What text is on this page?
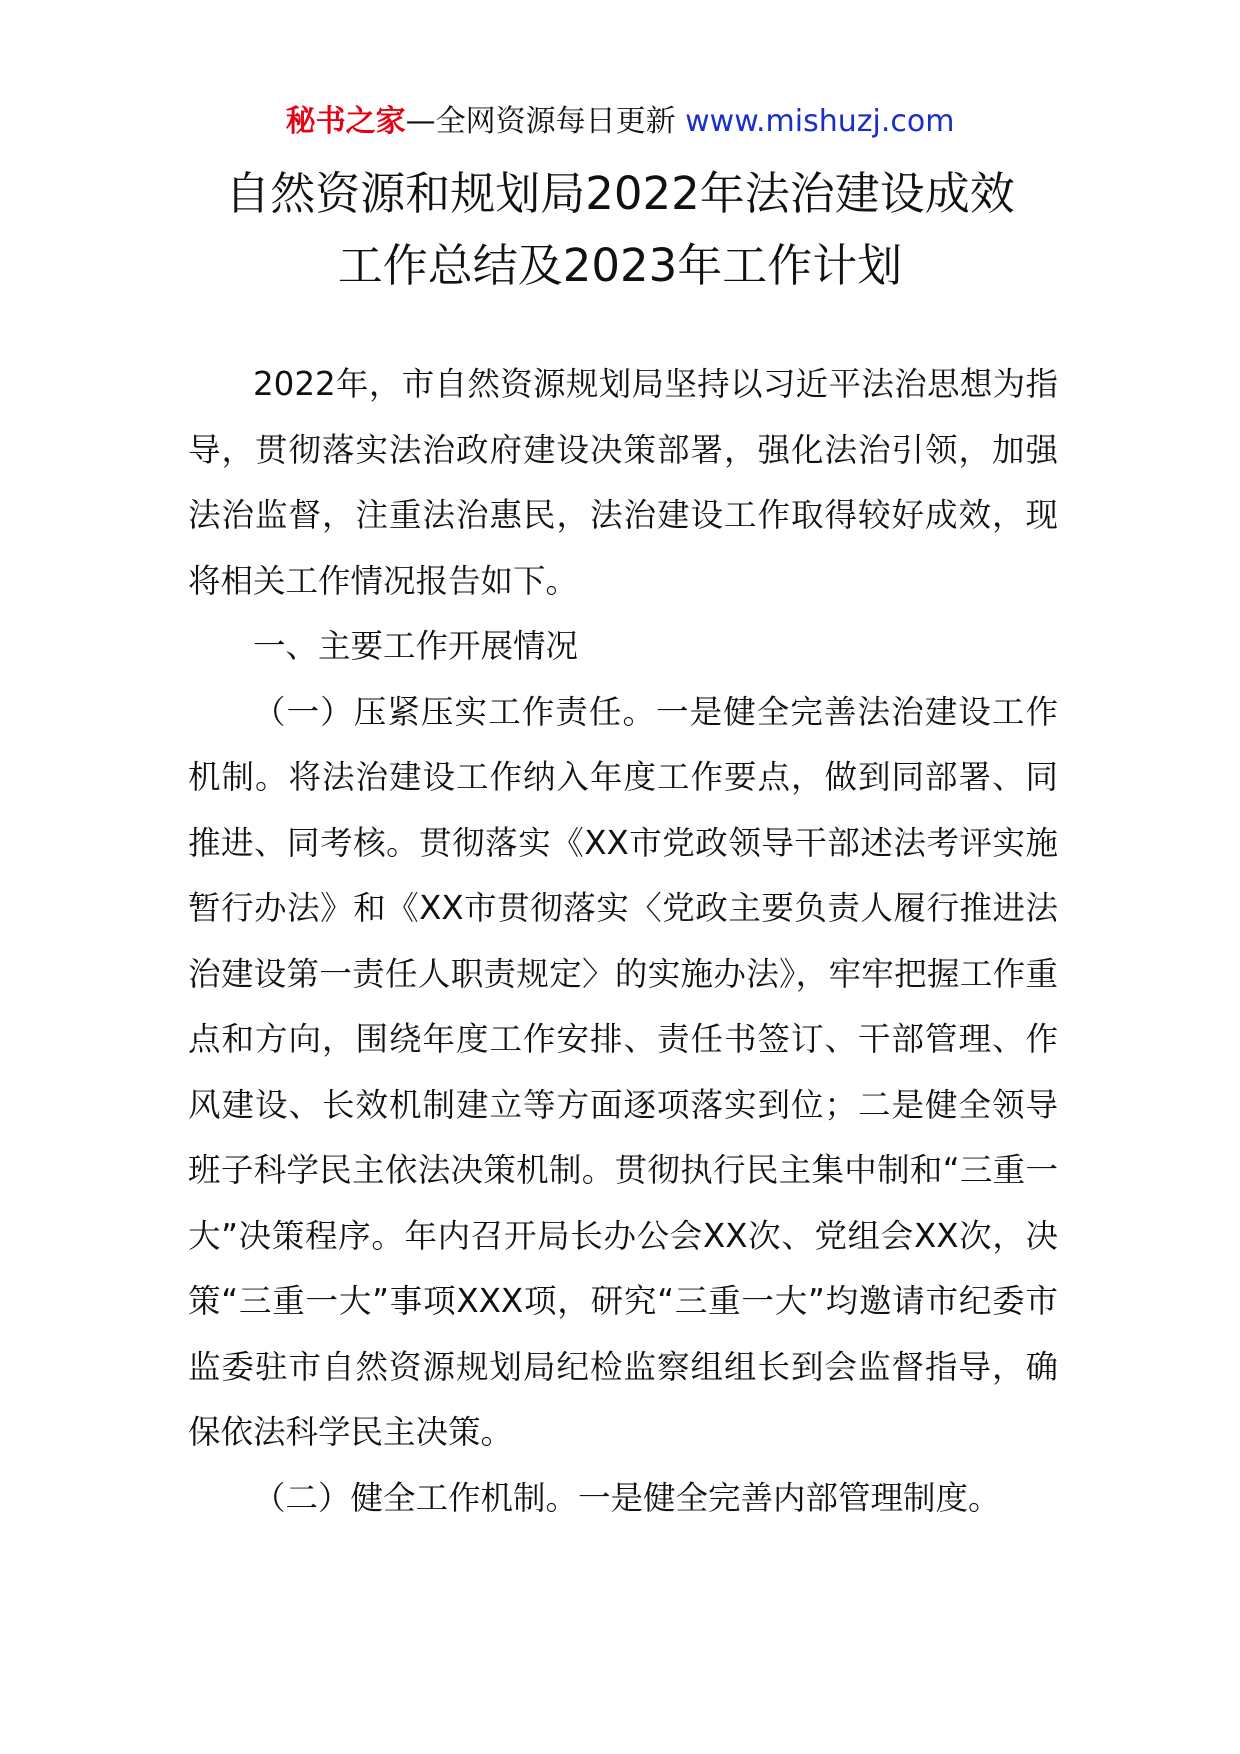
秘书之家—全网资源每日更新 www.mishuzj.com
自然资源和规划局2022年法治建设成效
工作总结及2023年工作计划

2022年，市自然资源规划局坚持以习近平法治思想为指导，贯彻落实法治政府建设决策部署，强化法治引领，加强法治监督，注重法治惠民，法治建设工作取得较好成效，现将相关工作情况报告如下。

一、主要工作开展情况

（一）压紧压实工作责任。一是健全完善法治建设工作机制。将法治建设工作纳入年度工作要点，做到同部署、同推进、同考核。贯彻落实《XX市党政领导干部述法考评实施暂行办法》和《XX市贯彻落实〈党政主要负责人履行推进法治建设第一责任人职责规定〉的实施办法》，牢牢把握工作重点和方向，围绕年度工作安排、责任书签订、干部管理、作风建设、长效机制建立等方面逐项落实到位；二是健全领导班子科学民主依法决策机制。贯彻执行民主集中制和“三重一大”决策程序。年内召开局长办公会XX次、党组会XX次，决策“三重一大”事项XXX项，研究“三重一大”均邀请市纪委市监委驻市自然资源规划局纪检监察组组长到会监督指导，确保依法科学民主决策。

（二）健全工作机制。一是健全完善内部管理制度。
